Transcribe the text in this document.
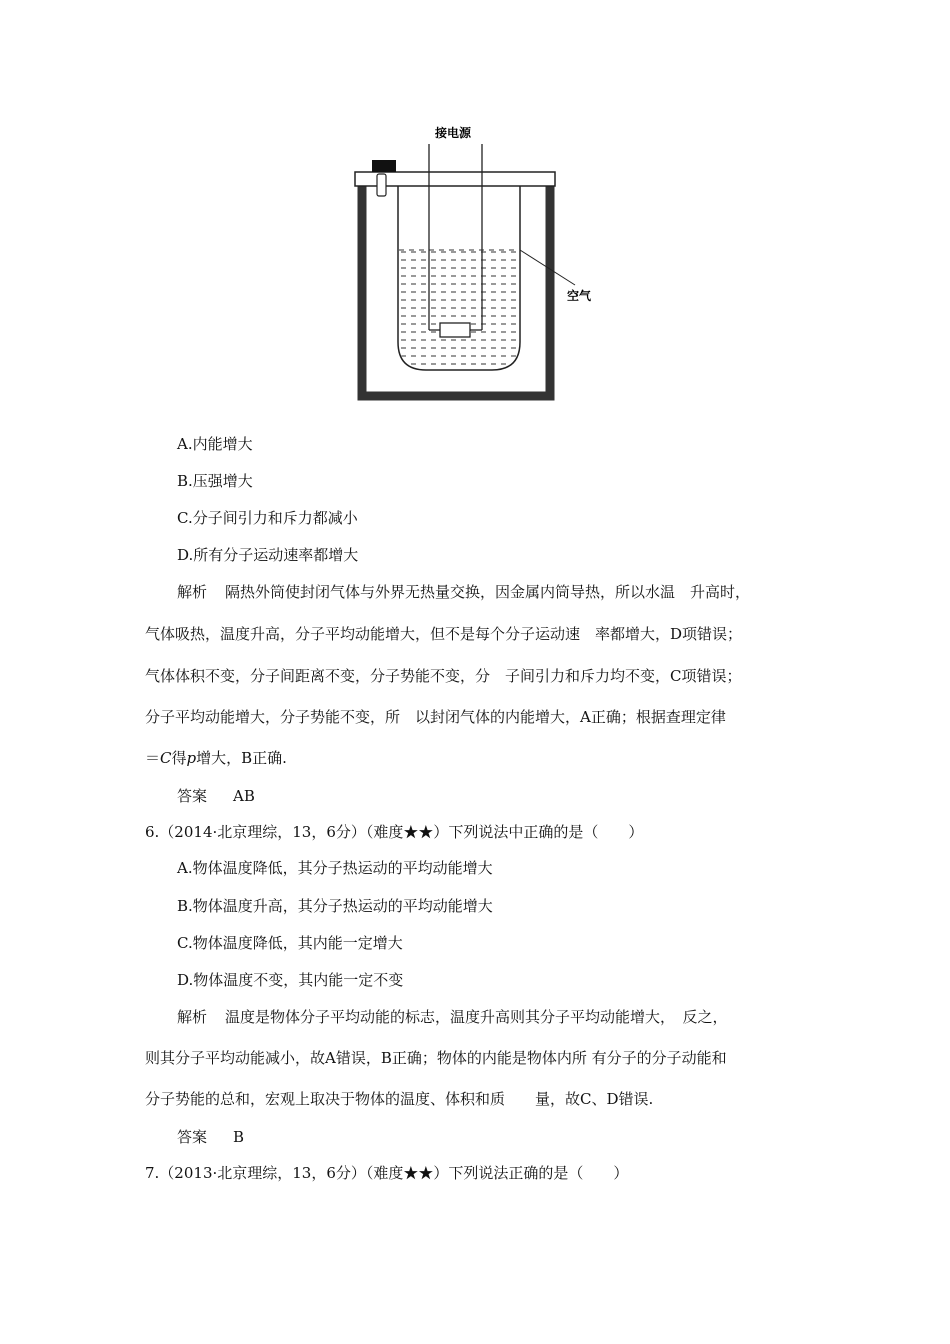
接电源
空气
A.内能增大
B.压强增大
C.分子间引力和斥力都减小
D.所有分子运动速率都增大
解析 隔热外筒使封闭气体与外界无热量交换，因金属内筒导热，所以水温　升高时，
气体吸热，温度升高，分子平均动能增大，但不是每个分子运动速　率都增大，D项错误；
气体体积不变，分子间距离不变，分子势能不变，分　子间引力和斥力均不变，C项错误；
分子平均动能增大，分子势能不变，所　以封闭气体的内能增大，A正确；根据查理定律
＝C得p增大，B正确.
答案 AB
6.（2014·北京理综，13，6分）（难度★★）下列说法中正确的是（　　）
A.物体温度降低，其分子热运动的平均动能增大
B.物体温度升高，其分子热运动的平均动能增大
C.物体温度降低，其内能一定增大
D.物体温度不变，其内能一定不变
解析 温度是物体分子平均动能的标志，温度升高则其分子平均动能增大，　反之，
则其分子平均动能减小，故A错误，B正确；物体的内能是物体内所 有分子的分子动能和
分子势能的总和，宏观上取决于物体的温度、体积和质　　量，故C、D错误.
答案 B
7.（2013·北京理综，13，6分）（难度★★）下列说法正确的是（　　）
